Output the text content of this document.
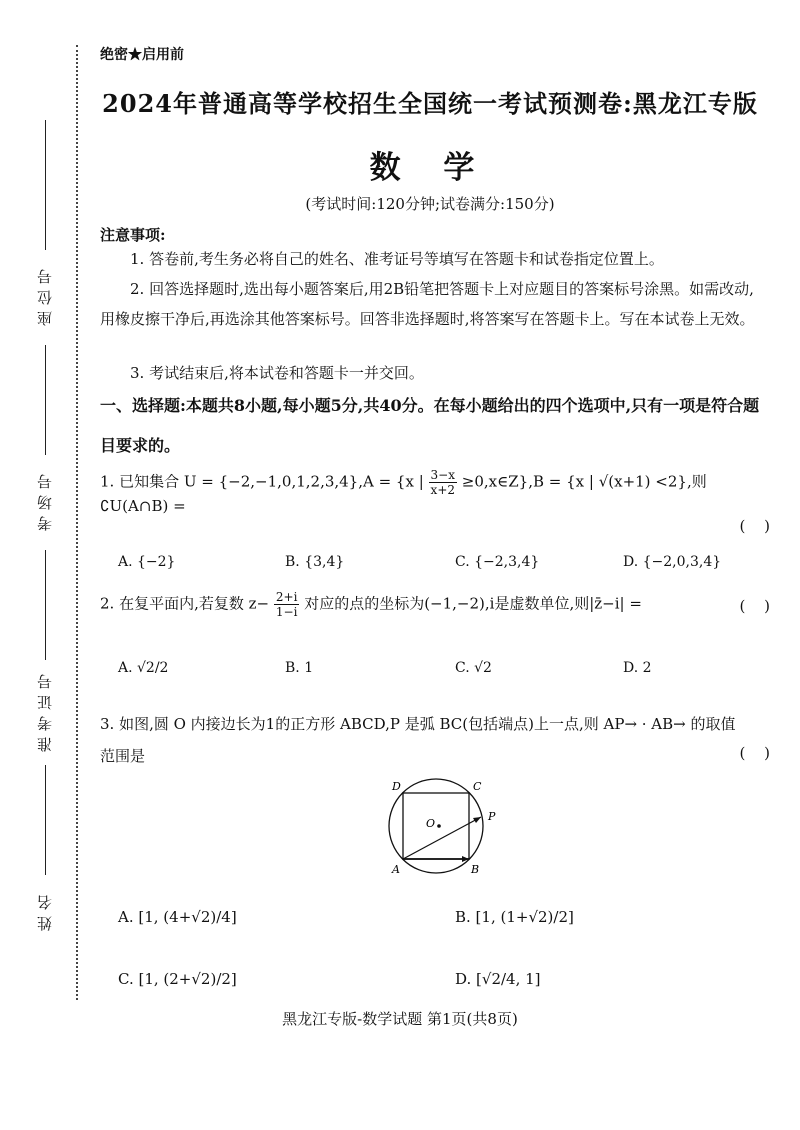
座位号
考场号
准考证号
姓名
绝密★启用前
2024年普通高等学校招生全国统一考试预测卷:黑龙江专版
数 学
(考试时间:120分钟;试卷满分:150分)
注意事项:
1. 答卷前,考生务必将自己的姓名、准考证号等填写在答题卡和试卷指定位置上。
2. 回答选择题时,选出每小题答案后,用2B铅笔把答题卡上对应题目的答案标号涂黑。如需改动,用橡皮擦干净后,再选涂其他答案标号。回答非选择题时,将答案写在答题卡上。写在本试卷上无效。
3. 考试结束后,将本试卷和答题卡一并交回。
一、选择题:本题共8小题,每小题5分,共40分。在每小题给出的四个选项中,只有一项是符合题目要求的。
1. 已知集合 U = {−2,−1,0,1,2,3,4},A = {x | $\frac{3-x}{x+2}$ ≥0,x∈Z},B = {x | √(x+1) <2},则 ∁U(A∩B) =
( )
A. {−2}	B. {3,4}	C. {−2,3,4}	D. {−2,0,3,4}
2. 在复平面内,若复数 $z- \frac{2+i}{1-i}$ 对应的点的坐标为(−1,−2),i是虚数单位,则|z̄−i| =	( )
A. √2/2	B. 1	C. √2	D. 2
3. 如图,圆 O 内接边长为1的正方形 ABCD,P 是弧 BC(包括端点)上一点,则 AP→ · AB→ 的取值范围是	( )
D	C
O
P
A	B
A. [1, (4+√2)/4]	B. [1, (1+√2)/2]
C. [1, (2+√2)/2]	D. [√2/4, 1]
黑龙江专版-数学试题 第1页(共8页)
